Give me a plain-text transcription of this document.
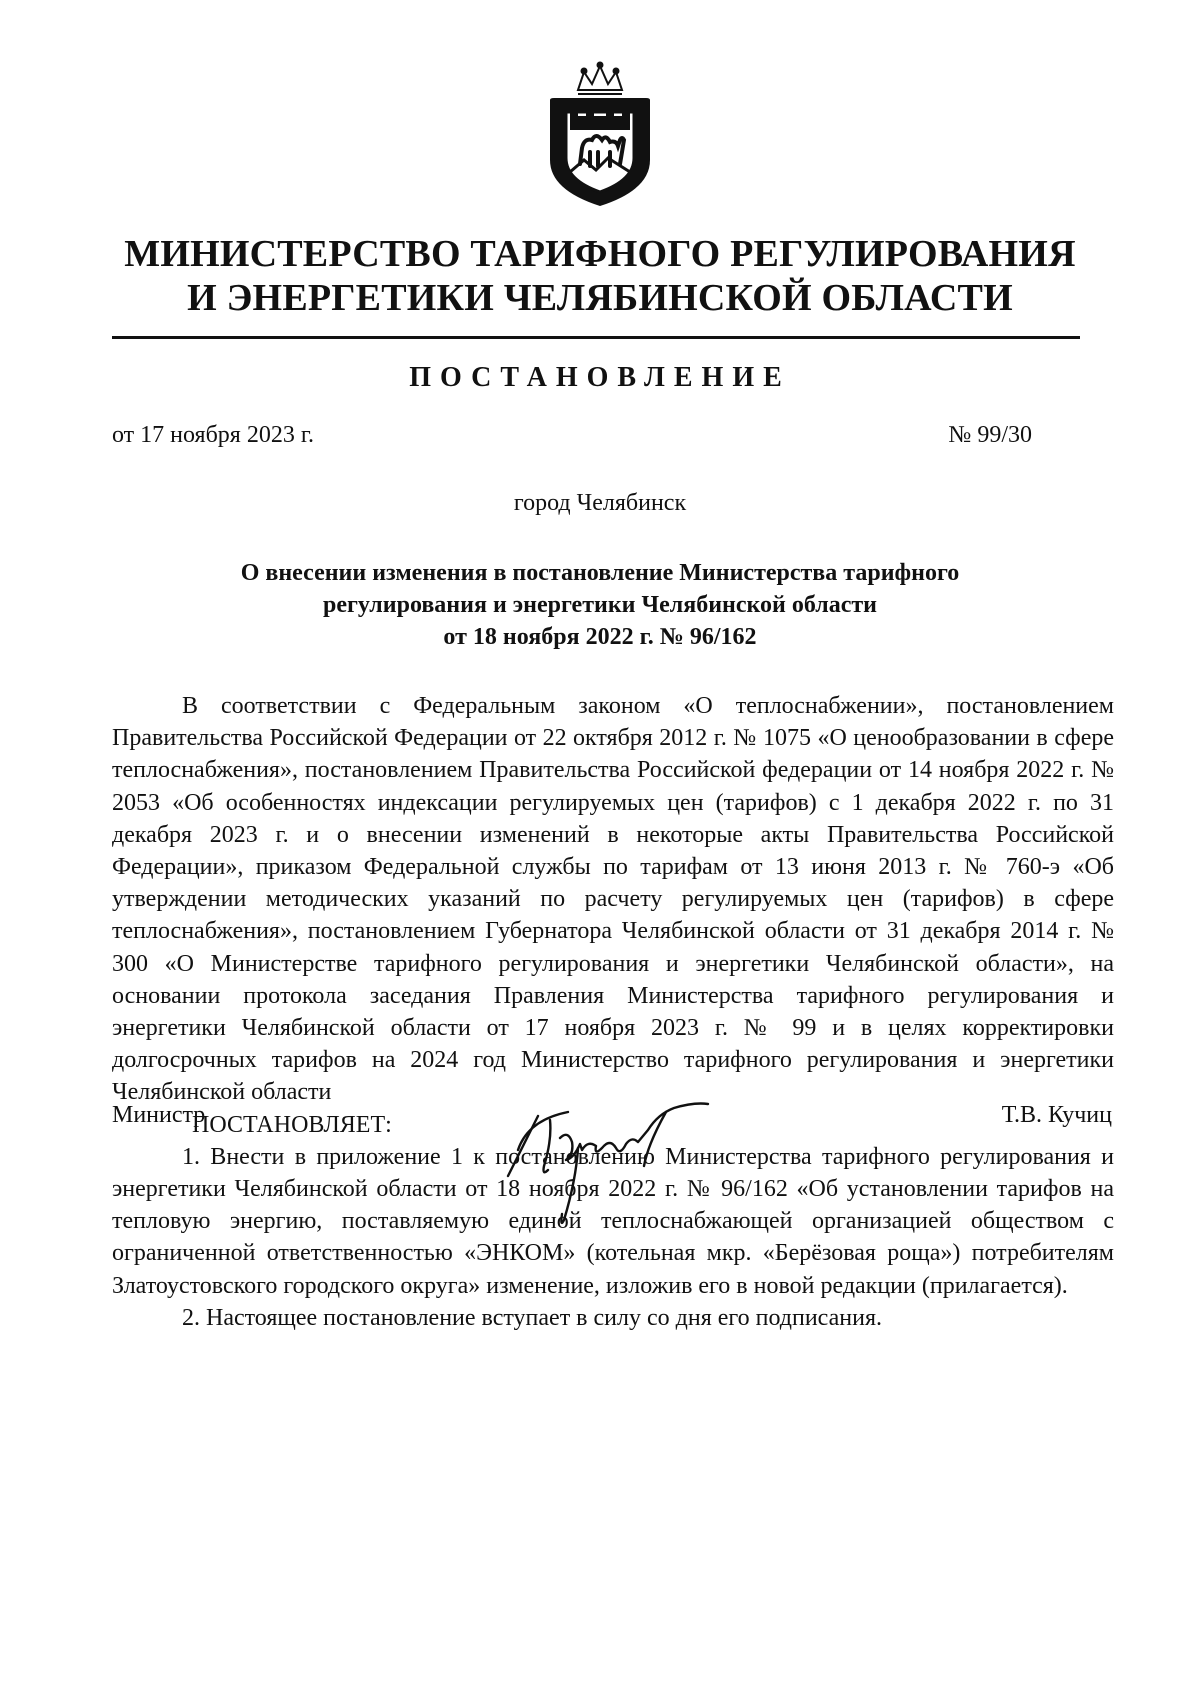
МИНИСТЕРСТВО ТАРИФНОГО РЕГУЛИРОВАНИЯ
И ЭНЕРГЕТИКИ ЧЕЛЯБИНСКОЙ ОБЛАСТИ
ПОСТАНОВЛЕНИЕ
от 17 ноября 2023 г.	№ 99/30
город Челябинск
О внесении изменения в постановление Министерства тарифного
регулирования и энергетики Челябинской области
от 18 ноября 2022 г. № 96/162

В соответствии с Федеральным законом «О теплоснабжении», постановлением Правительства Российской Федерации от 22 октября 2012 г. № 1075 «О ценообразовании в сфере теплоснабжения», постановлением Правительства Российской федерации от 14 ноября 2022 г. № 2053 «Об особенностях индексации регулируемых цен (тарифов) с 1 декабря 2022 г. по 31 декабря 2023 г. и о внесении изменений в некоторые акты Правительства Российской Федерации», приказом Федеральной службы по тарифам от 13 июня 2013 г. № 760-э «Об утверждении методических указаний по расчету регулируемых цен (тарифов) в сфере теплоснабжения», постановлением Губернатора Челябинской области от 31 декабря 2014 г. № 300 «О Министерстве тарифного регулирования и энергетики Челябинской области», на основании протокола заседания Правления Министерства тарифного регулирования и энергетики Челябинской области от 17 ноября 2023 г. № 99 и в целях корректировки долгосрочных тарифов на 2024 год Министерство тарифного регулирования и энергетики Челябинской области

ПОСТАНОВЛЯЕТ:

1. Внести в приложение 1 к постановлению Министерства тарифного регулирования и энергетики Челябинской области от 18 ноября 2022 г. № 96/162 «Об установлении тарифов на тепловую энергию, поставляемую единой теплоснабжающей организацией обществом с ограниченной ответственностью «ЭНКОМ» (котельная мкр. «Берёзовая роща») потребителям Златоустовского городского округа» изменение, изложив его в новой редакции (прилагается).

2. Настоящее постановление вступает в силу со дня его подписания.

Министр	Т.В. Кучиц
